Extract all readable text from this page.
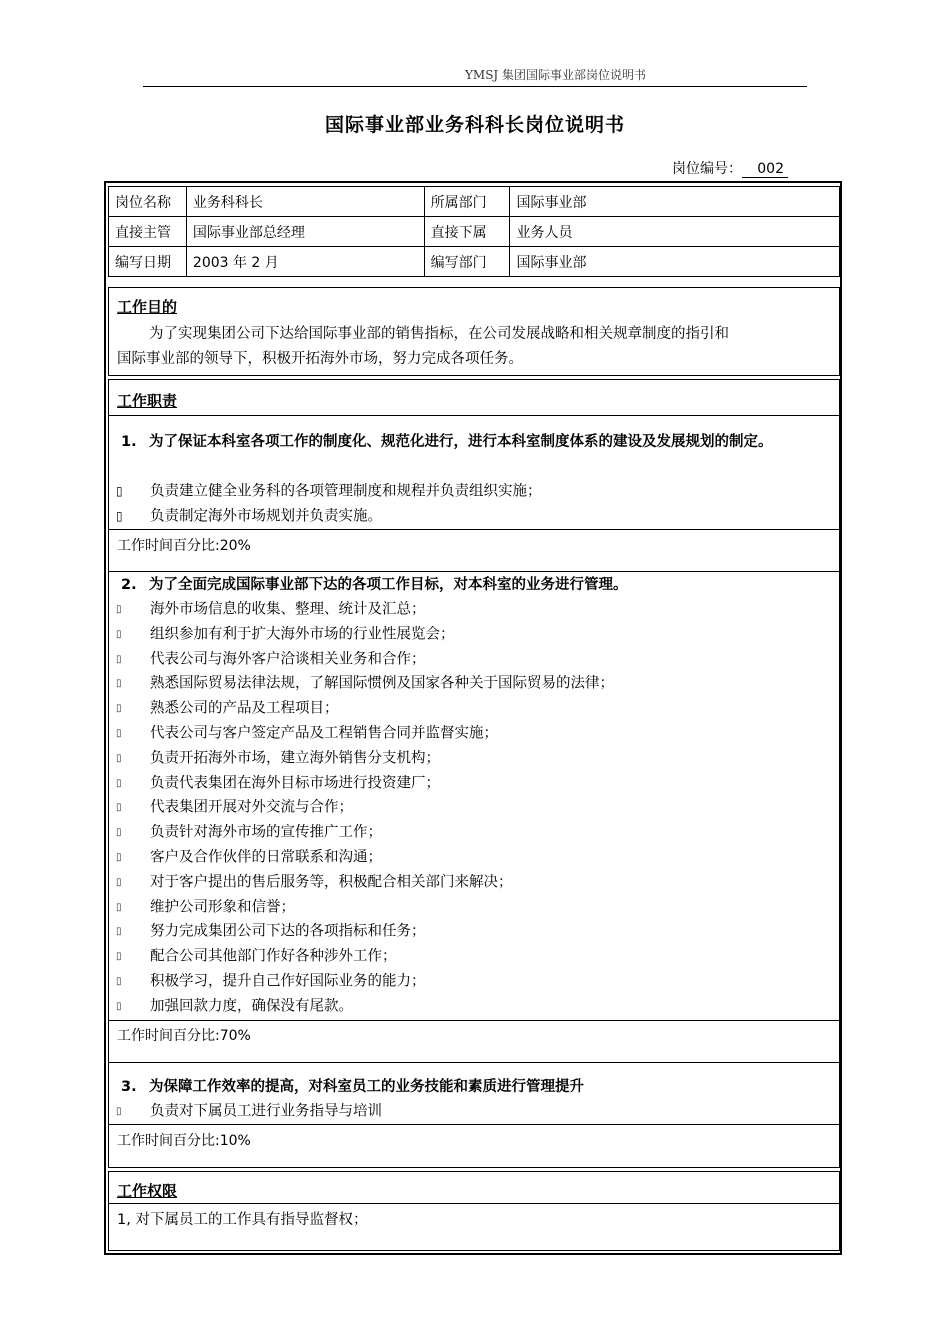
YMSJ 集团国际事业部岗位说明书
国际事业部业务科科长岗位说明书
岗位编号： 002
岗位名称	业务科科长	所属部门	国际事业部
直接主管	国际事业部总经理	直接下属	业务人员
编写日期	2003 年 2 月	编写部门	国际事业部
工作目的
为了实现集团公司下达给国际事业部的销售指标，在公司发展战略和相关规章制度的指引和
国际事业部的领导下，积极开拓海外市场，努力完成各项任务。
工作职责
1. 为了保证本科室各项工作的制度化、规范化进行，进行本科室制度体系的建设及发展规划的制定。
▯ 负责建立健全业务科的各项管理制度和规程并负责组织实施；
▯ 负责制定海外市场规划并负责实施。
工作时间百分比:20%
2. 为了全面完成国际事业部下达的各项工作目标，对本科室的业务进行管理。
▯ 海外市场信息的收集、整理、统计及汇总；
▯ 组织参加有利于扩大海外市场的行业性展览会；
▯ 代表公司与海外客户洽谈相关业务和合作；
▯ 熟悉国际贸易法律法规，了解国际惯例及国家各种关于国际贸易的法律；
▯ 熟悉公司的产品及工程项目；
▯ 代表公司与客户签定产品及工程销售合同并监督实施；
▯ 负责开拓海外市场，建立海外销售分支机构；
▯ 负责代表集团在海外目标市场进行投资建厂；
▯ 代表集团开展对外交流与合作；
▯ 负责针对海外市场的宣传推广工作；
▯ 客户及合作伙伴的日常联系和沟通；
▯ 对于客户提出的售后服务等，积极配合相关部门来解决；
▯ 维护公司形象和信誉；
▯ 努力完成集团公司下达的各项指标和任务；
▯ 配合公司其他部门作好各种涉外工作；
▯ 积极学习，提升自己作好国际业务的能力；
▯ 加强回款力度，确保没有尾款。
工作时间百分比:70%
3. 为保障工作效率的提高，对科室员工的业务技能和素质进行管理提升
▯ 负责对下属员工进行业务指导与培训
工作时间百分比:10%
工作权限
1, 对下属员工的工作具有指导监督权；
